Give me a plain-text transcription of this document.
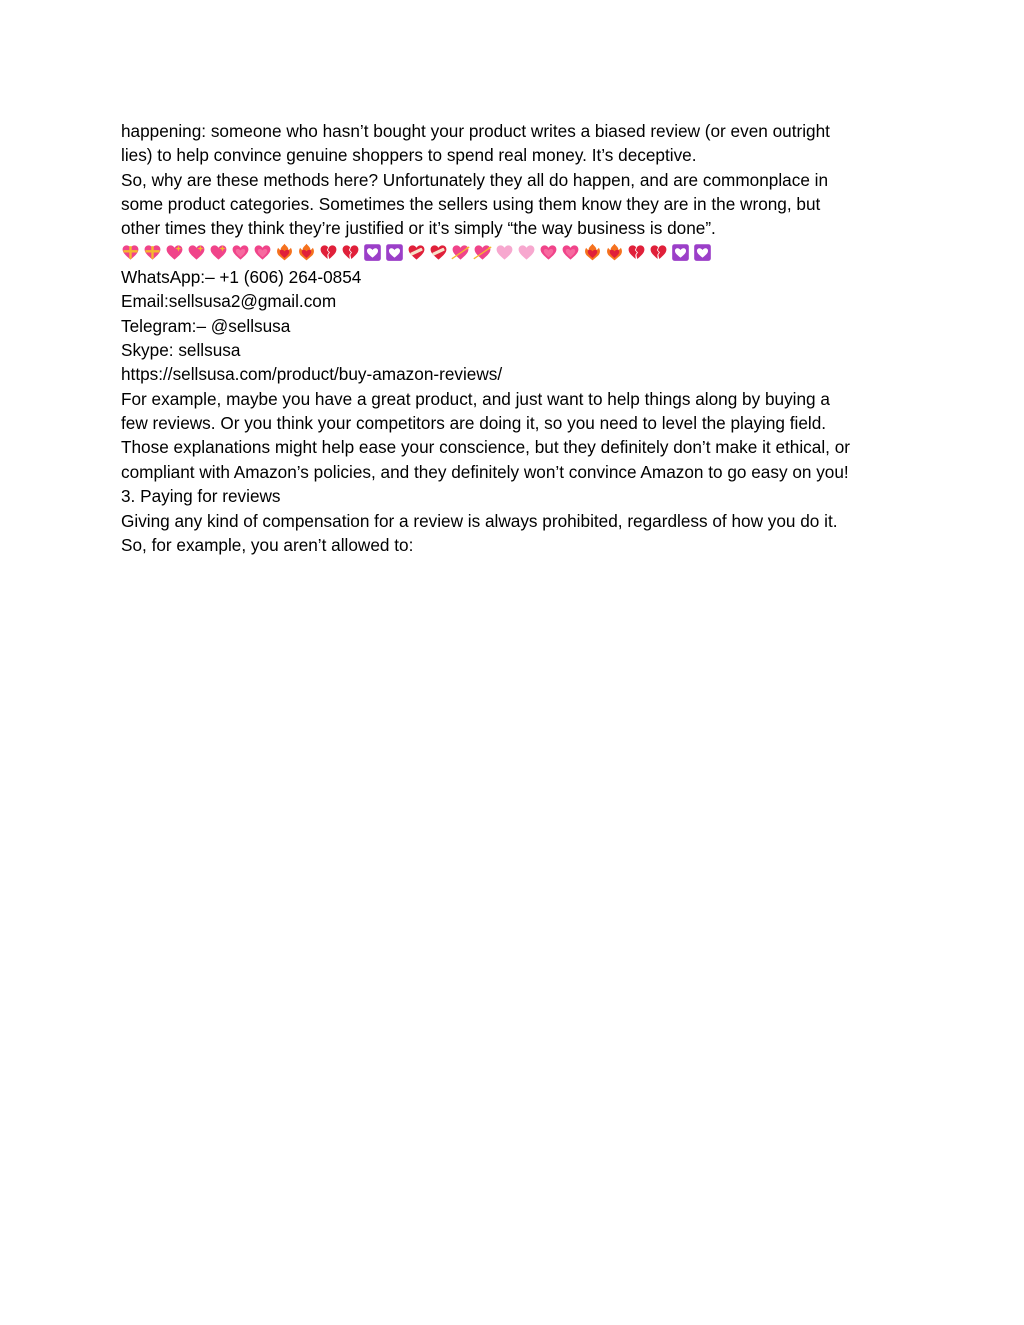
happening: someone who hasn’t bought your product writes a biased review (or even outright

lies) to help convince genuine shoppers to spend real money. It’s deceptive.

So, why are these methods here? Unfortunately they all do happen, and are commonplace in

some product categories. Sometimes the sellers using them know they are in the wrong, but

other times they think they’re justified or it’s simply “the way business is done”.

WhatsApp:– +1 (606) 264-0854

Email:sellsusa2@gmail.com

Telegram:– @sellsusa

Skype: sellsusa

https://sellsusa.com/product/buy-amazon-reviews/

For example, maybe you have a great product, and just want to help things along by buying a

few reviews. Or you think your competitors are doing it, so you need to level the playing field.

Those explanations might help ease your conscience, but they definitely don’t make it ethical, or

compliant with Amazon’s policies, and they definitely won’t convince Amazon to go easy on you!

3. Paying for reviews

Giving any kind of compensation for a review is always prohibited, regardless of how you do it.

So, for example, you aren’t allowed to:
